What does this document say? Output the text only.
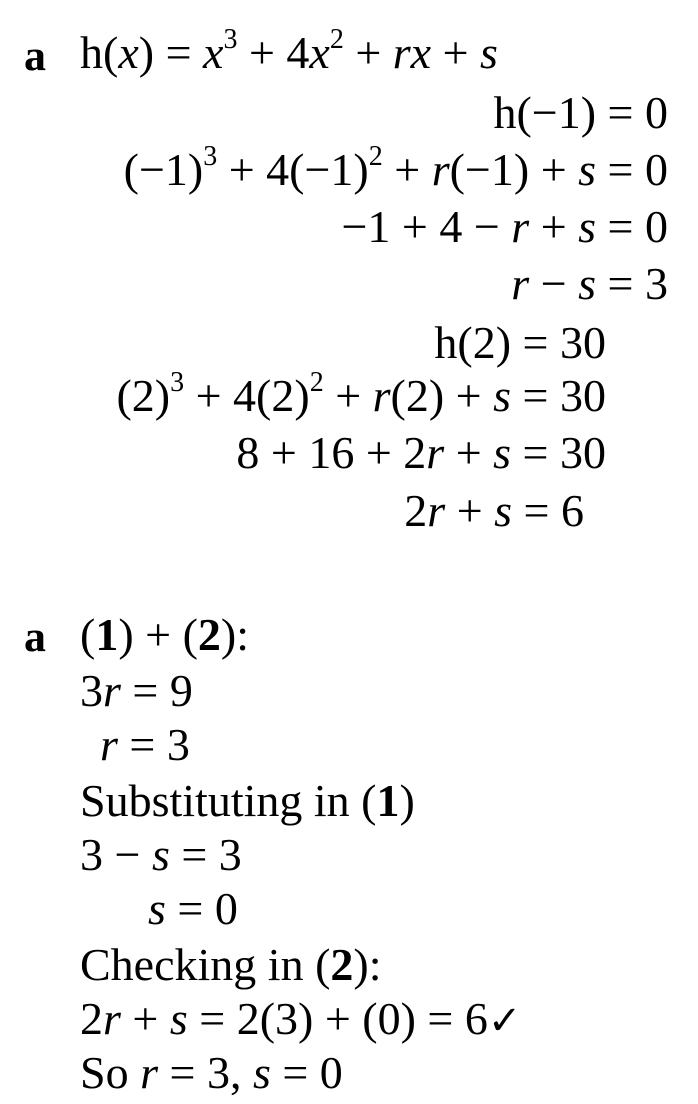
a $h(x) = x^3 + 4x^2$ + rx + s
h(−1) = 0
$(-1)^3 + 4(-1)^2 + r(-1) + s = 0$
−1 + 4 − r + s = 0
r − s = 3
h(2) = 30
$(2)^3 + 4(2)^2 + r(2) + s = 30$
8 + 16 + 2r + s = 30
2r + s = 6
a (1) + (2):
3r = 9
r = 3
Substituting in (1)
3 − s = 3
s = 0
Checking in (2):
2r + s = 2(3) + (0) = 6✓
So r = 3, s = 0
